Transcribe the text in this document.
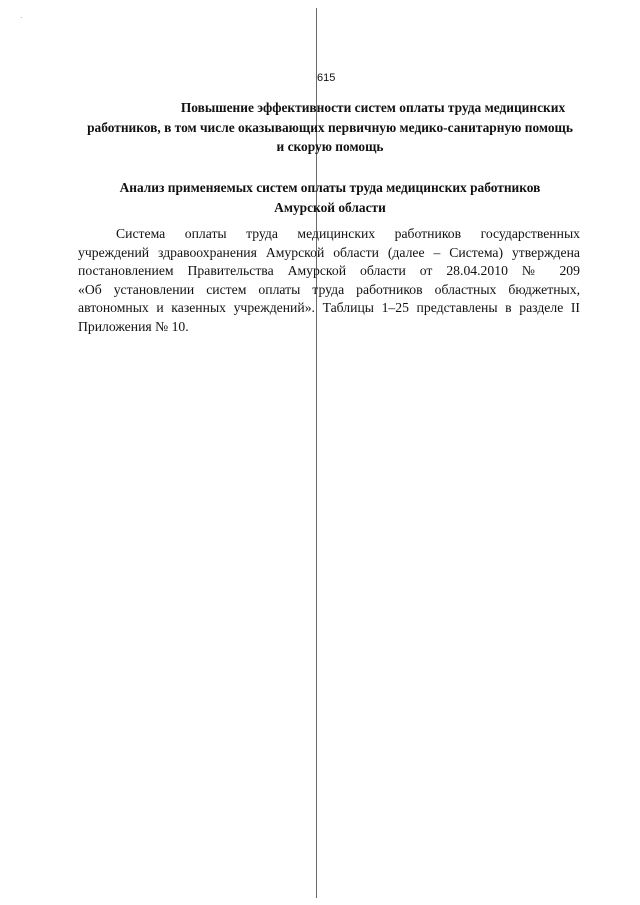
·
615
Повышение эффективности систем оплаты труда медицинских
работников, в том числе оказывающих первичную медико-санитарную помощь
и скорую помощь
Анализ применяемых систем оплаты труда медицинских работников
Амурской области

Система оплаты труда медицинских работников государственных
учреждений здравоохранения Амурской области (далее – Система) утверждена
постановлением Правительства Амурской области от 28.04.2010 № 209
«Об установлении систем оплаты труда работников областных бюджетных,
автономных и казенных учреждений». Таблицы 1–25 представлены в разделе II
Приложения № 10.
